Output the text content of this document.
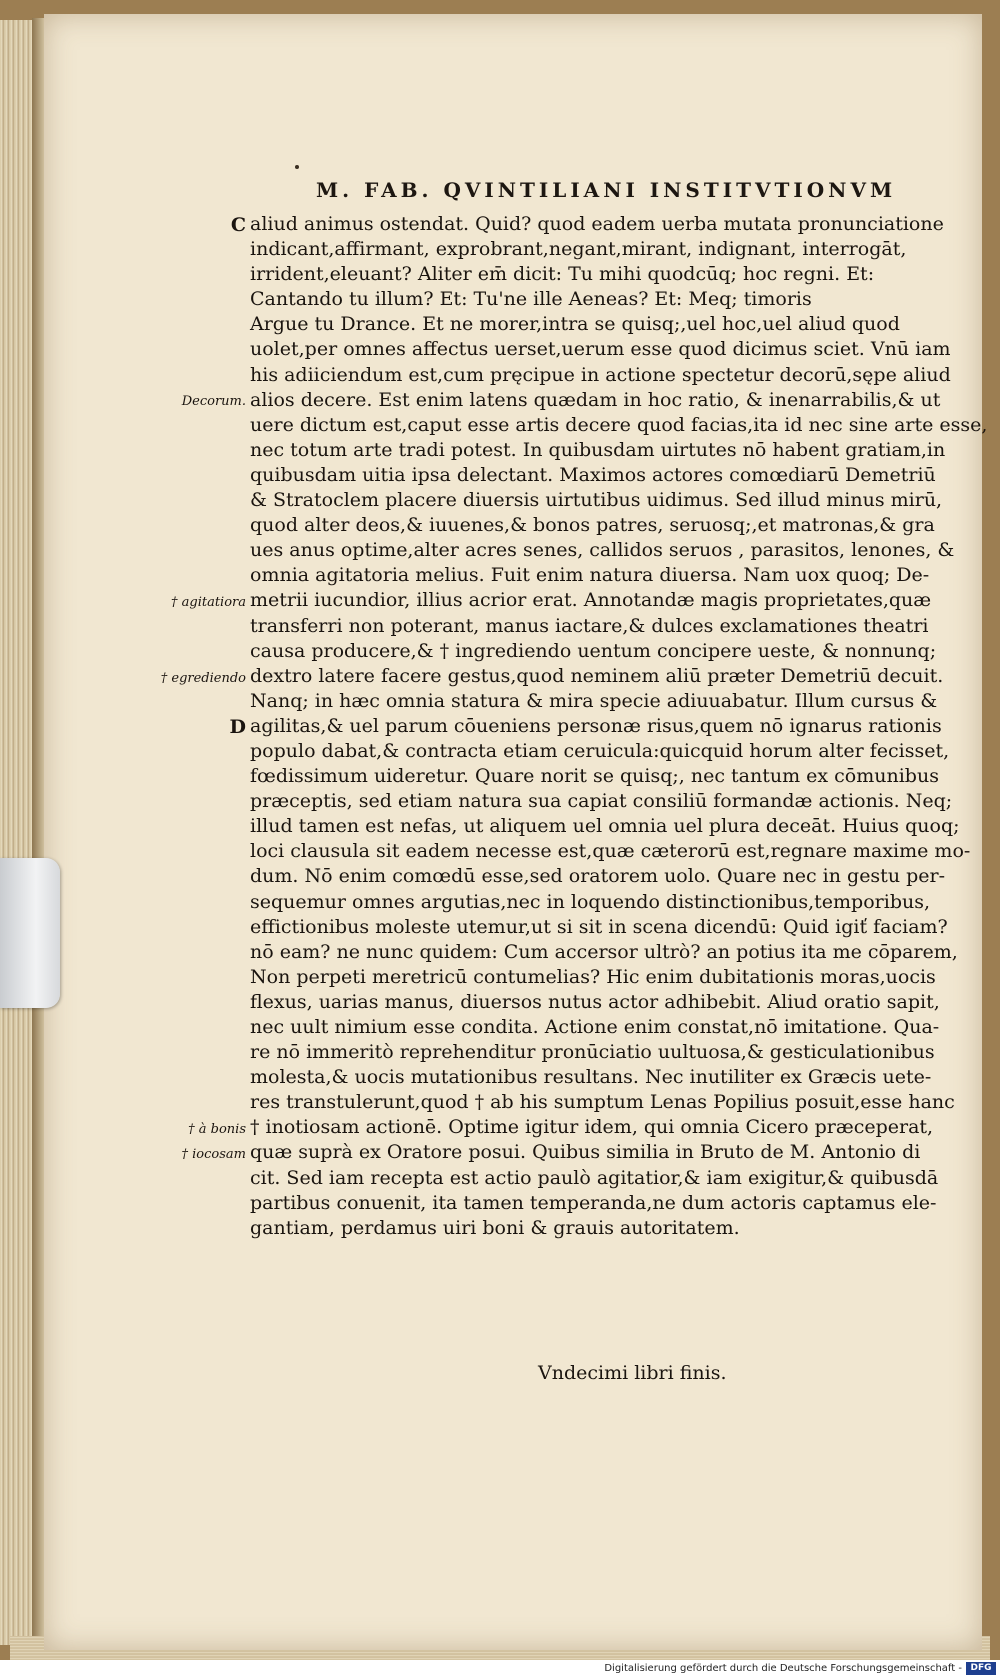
M. FAB. QVINTILIANI INSTITVTIONVM
C
Decorum.
† agitatiora
† egrediendo
D
† à bonis
† iocosam
aliud animus ostendat. Quid? quod eadem uerba mutata pronunciatione
indicant,affirmant, exprobrant,negant,mirant, indignant, interrogāt,
irrident,eleuant? Aliter em̄ dicit: Tu mihi quodcūq; hoc regni. Et:
Cantando tu illum? Et: Tu'ne ille Aeneas? Et: Meq; timoris
Argue tu Drance. Et ne morer,intra se quisq;,uel hoc,uel aliud quod
uolet,per omnes affectus uerset,uerum esse quod dicimus sciet. Vnū iam
his adiiciendum est,cum pręcipue in actione spectetur decorū,sępe aliud
alios decere. Est enim latens quædam in hoc ratio, & inenarrabilis,& ut
uere dictum est,caput esse artis decere quod facias,ita id nec sine arte esse,
nec totum arte tradi potest. In quibusdam uirtutes nō habent gratiam,in
quibusdam uitia ipsa delectant. Maximos actores comœdiarū Demetriū
& Stratoclem placere diuersis uirtutibus uidimus. Sed illud minus mirū,
quod alter deos,& iuuenes,& bonos patres, seruosq;,et matronas,& gra
ues anus optime,alter acres senes, callidos seruos , parasitos, lenones, &
omnia agitatoria melius. Fuit enim natura diuersa. Nam uox quoq; De-
metrii iucundior, illius acrior erat. Annotandæ magis proprietates,quæ
transferri non poterant, manus iactare,& dulces exclamationes theatri
causa producere,& † ingrediendo uentum concipere ueste, & nonnunq;
dextro latere facere gestus,quod neminem aliū præter Demetriū decuit.
Nanq; in hæc omnia statura & mira specie adiuuabatur. Illum cursus &
agilitas,& uel parum cōueniens personæ risus,quem nō ignarus rationis
populo dabat,& contracta etiam ceruicula:quicquid horum alter fecisset,
fœdissimum uideretur. Quare norit se quisq;, nec tantum ex cōmunibus
præceptis, sed etiam natura sua capiat consiliū formandæ actionis. Neq;
illud tamen est nefas, ut aliquem uel omnia uel plura deceāt. Huius quoq;
loci clausula sit eadem necesse est,quæ cæterorū est,regnare maxime mo-
dum. Nō enim comœdū esse,sed oratorem uolo. Quare nec in gestu per-
sequemur omnes argutias,nec in loquendo distinctionibus,temporibus,
effictionibus moleste utemur,ut si sit in scena dicendū: Quid igiť faciam?
nō eam? ne nunc quidem: Cum accersor ultrò? an potius ita me cōparem,
Non perpeti meretricū contumelias? Hic enim dubitationis moras,uocis
flexus, uarias manus, diuersos nutus actor adhibebit. Aliud oratio sapit,
nec uult nimium esse condita. Actione enim constat,nō imitatione. Qua-
re nō immeritò reprehenditur pronūciatio uultuosa,& gesticulationibus
molesta,& uocis mutationibus resultans. Nec inutiliter ex Græcis uete-
res transtulerunt,quod † ab his sumptum Lenas Popilius posuit,esse hanc
† inotiosam actionē. Optime igitur idem, qui omnia Cicero præceperat,
quæ suprà ex Oratore posui. Quibus similia in Bruto de M. Antonio di
cit. Sed iam recepta est actio paulò agitatior,& iam exigitur,& quibusdā
partibus conuenit, ita tamen temperanda,ne dum actoris captamus ele-
gantiam, perdamus uiri boni & grauis autoritatem.
Vndecimi libri finis.
Digitalisierung gefördert durch die Deutsche Forschungsgemeinschaft - DFG
